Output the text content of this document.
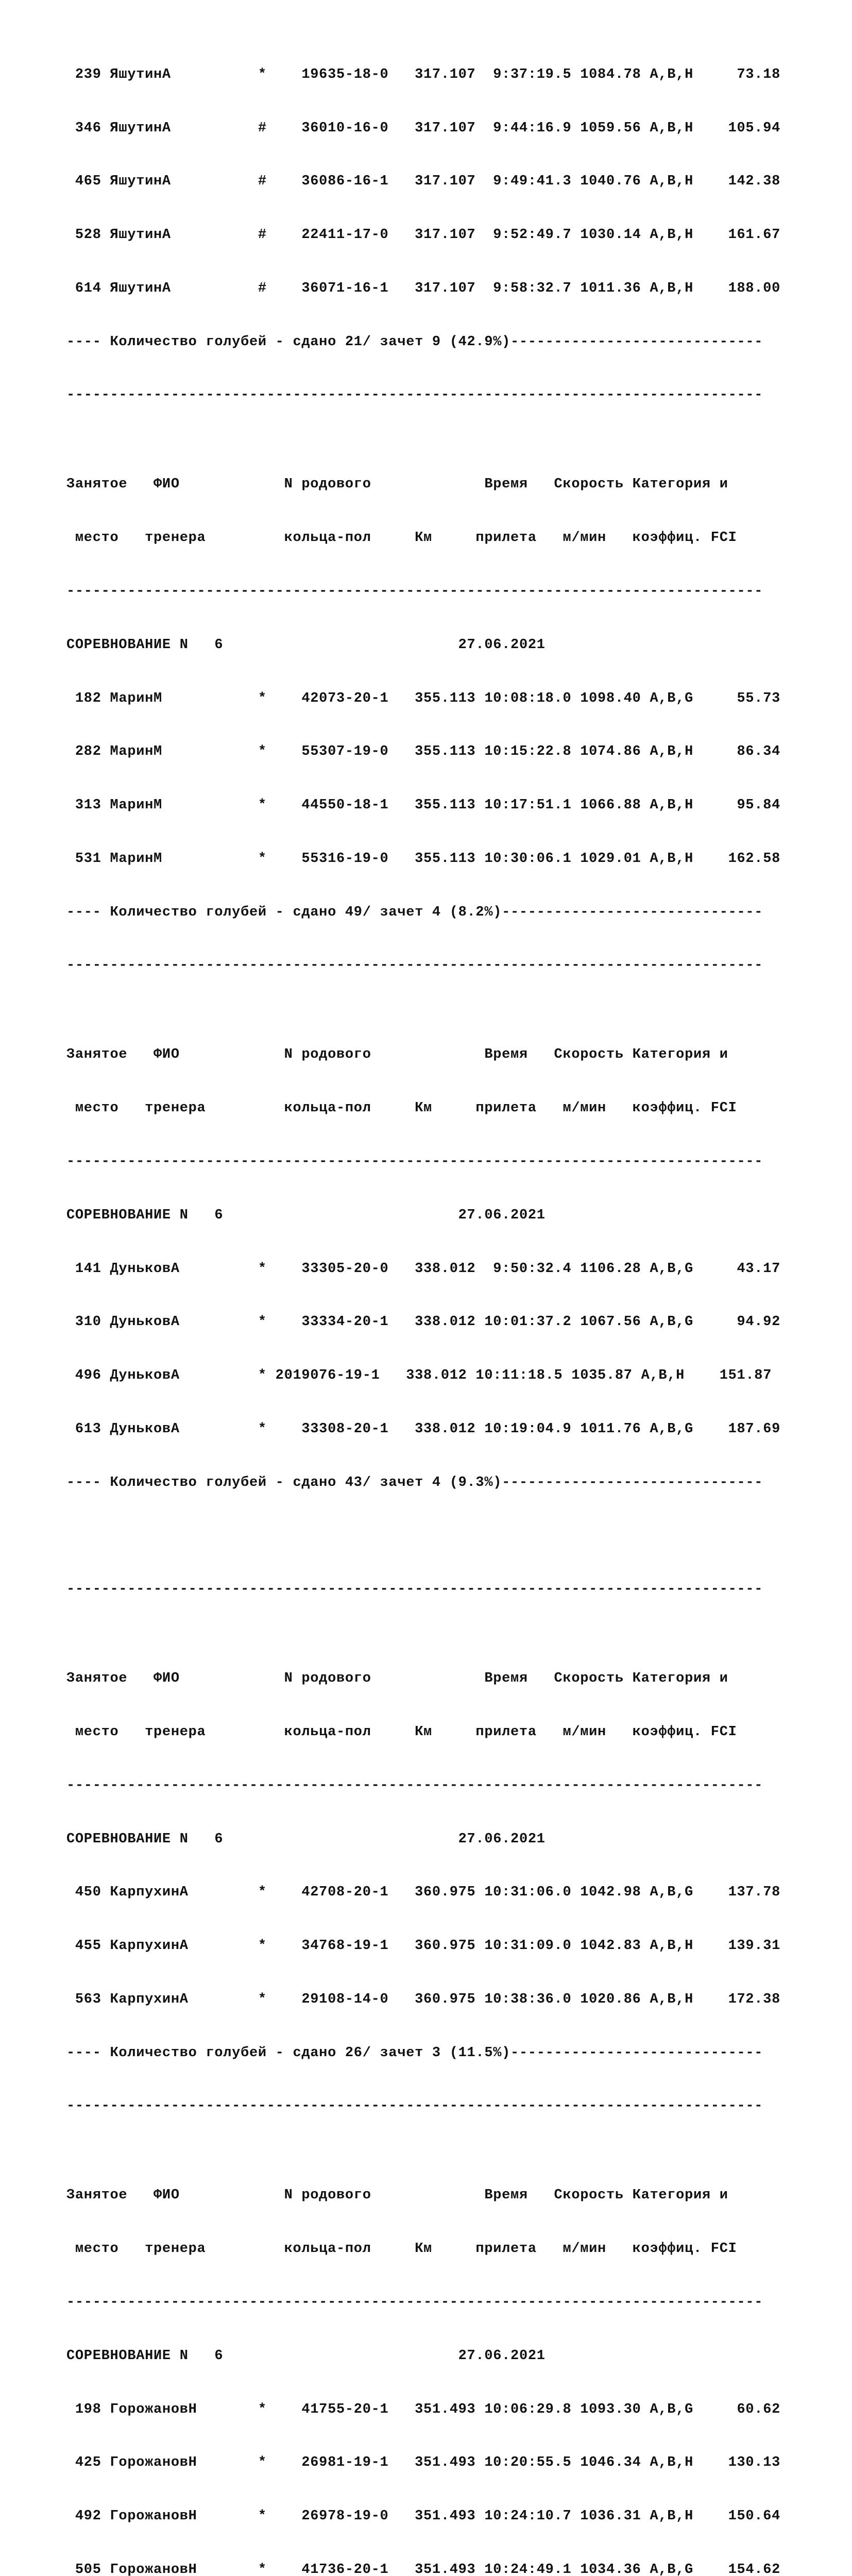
239 ЯшутинА          *    19635-18-0   317.107  9:37:19.5 1084.78 A,B,H     73.18

346 ЯшутинА          #    36010-16-0   317.107  9:44:16.9 1059.56 A,B,H    105.94

465 ЯшутинА          #    36086-16-1   317.107  9:49:41.3 1040.76 A,B,H    142.38

528 ЯшутинА          #    22411-17-0   317.107  9:52:49.7 1030.14 A,B,H    161.67

614 ЯшутинА          #    36071-16-1   317.107  9:58:32.7 1011.36 A,B,H    188.00

---- Количество голубей - сдано 21/ зачет 9 (42.9%)-----------------------------

--------------------------------------------------------------------------------

Занятое   ФИО            N родового             Время   Скорость Категория и

место   тренера         кольца-пол     Км     прилета   м/мин   коэффиц. FCI

--------------------------------------------------------------------------------

СОРЕВНОВАНИЕ N   6	27.06.2021

182 МаринМ           *    42073-20-1   355.113 10:08:18.0 1098.40 A,B,G     55.73

282 МаринМ           *    55307-19-0   355.113 10:15:22.8 1074.86 A,B,H     86.34

313 МаринМ           *    44550-18-1   355.113 10:17:51.1 1066.88 A,B,H     95.84

531 МаринМ           *    55316-19-0   355.113 10:30:06.1 1029.01 A,B,H    162.58

---- Количество голубей - сдано 49/ зачет 4 (8.2%)------------------------------

--------------------------------------------------------------------------------

Занятое   ФИО            N родового             Время   Скорость Категория и

место   тренера         кольца-пол     Км     прилета   м/мин   коэффиц. FCI

--------------------------------------------------------------------------------

СОРЕВНОВАНИЕ N   6	27.06.2021

141 ДуньковА         *    33305-20-0   338.012  9:50:32.4 1106.28 A,B,G     43.17

310 ДуньковА         *    33334-20-1   338.012 10:01:37.2 1067.56 A,B,G     94.92

496 ДуньковА         * 2019076-19-1   338.012 10:11:18.5 1035.87 A,B,H    151.87

613 ДуньковА         *    33308-20-1   338.012 10:19:04.9 1011.76 A,B,G    187.69

---- Количество голубей - сдано 43/ зачет 4 (9.3%)------------------------------

--------------------------------------------------------------------------------

Занятое   ФИО            N родового             Время   Скорость Категория и

место   тренера         кольца-пол     Км     прилета   м/мин   коэффиц. FCI

--------------------------------------------------------------------------------

СОРЕВНОВАНИЕ N   6	27.06.2021

450 КарпухинА        *    42708-20-1   360.975 10:31:06.0 1042.98 A,B,G    137.78

455 КарпухинА        *    34768-19-1   360.975 10:31:09.0 1042.83 A,B,H    139.31

563 КарпухинА        *    29108-14-0   360.975 10:38:36.0 1020.86 A,B,H    172.38

---- Количество голубей - сдано 26/ зачет 3 (11.5%)-----------------------------

--------------------------------------------------------------------------------

Занятое   ФИО            N родового             Время   Скорость Категория и

место   тренера         кольца-пол     Км     прилета   м/мин   коэффиц. FCI

--------------------------------------------------------------------------------

СОРЕВНОВАНИЕ N   6	27.06.2021

198 ГорожановН       *    41755-20-1   351.493 10:06:29.8 1093.30 A,B,G     60.62

425 ГорожановН       *    26981-19-1   351.493 10:20:55.5 1046.34 A,B,H    130.13

492 ГорожановН       *    26978-19-0   351.493 10:24:10.7 1036.31 A,B,H    150.64

505 ГорожановН       *    41736-20-1   351.493 10:24:49.1 1034.36 A,B,G    154.62
